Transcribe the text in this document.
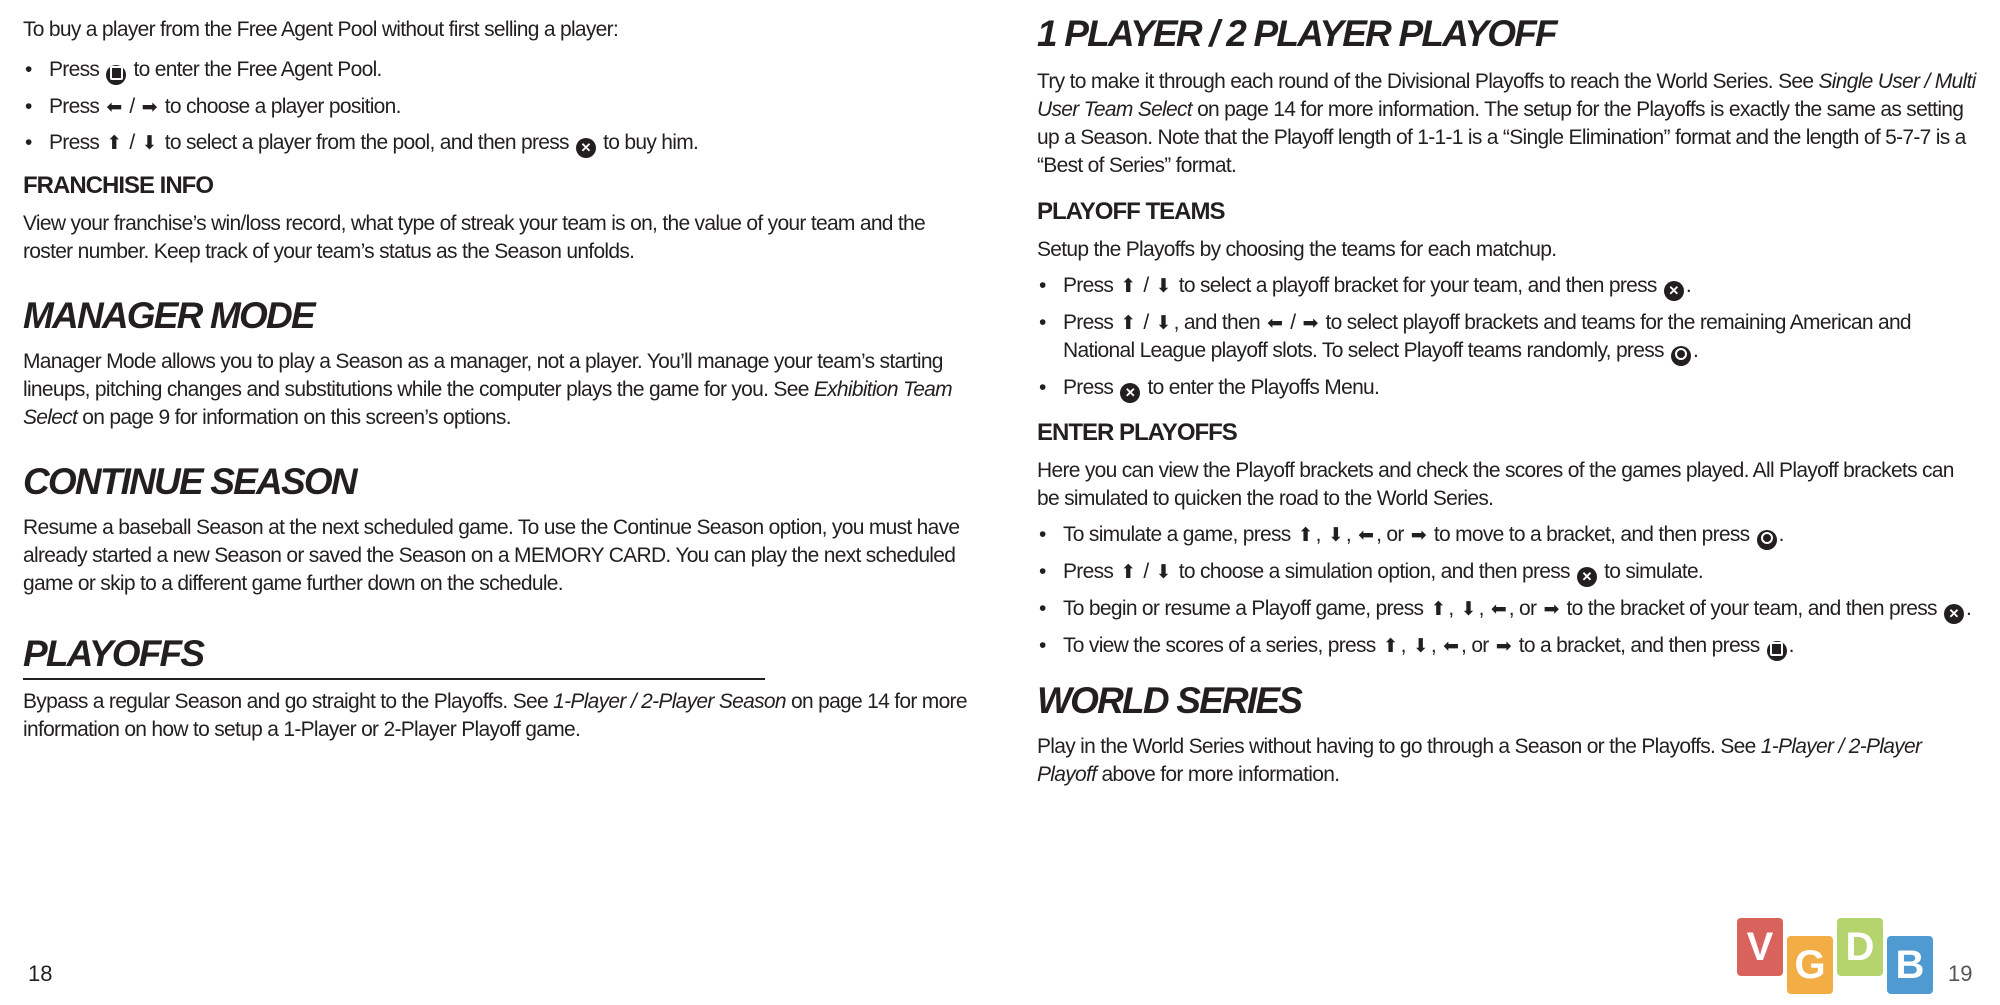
To buy a player from the Free Agent Pool without first selling a player:
• Press  to enter the Free Agent Pool.
• Press ⬅ / ➡ to choose a player position.
• Press ⬆ / ⬇ to select a player from the pool, and then press ✕ to buy him.
FRANCHISE INFO
View your franchise’s win/loss record, what type of streak your team is on, the value of your team and the roster number. Keep track of your team’s status as the Season unfolds.
MANAGER MODE
Manager Mode allows you to play a Season as a manager, not a player. You’ll manage your team’s starting lineups, pitching changes and substitutions while the computer plays the game for you. See Exhibition Team Select on page 9 for information on this screen’s options.
CONTINUE SEASON
Resume a baseball Season at the next scheduled game. To use the Continue Season option, you must have already started a new Season or saved the Season on a MEMORY CARD. You can play the next scheduled game or skip to a different game further down on the schedule.
PLAYOFFS
Bypass a regular Season and go straight to the Playoffs. See 1-Player / 2-Player Season on page 14 for more information on how to setup a 1-Player or 2-Player Playoff game.
18
1 PLAYER / 2 PLAYER PLAYOFF
Try to make it through each round of the Divisional Playoffs to reach the World Series. See Single User / Multi User Team Select on page 14 for more information. The setup for the Playoffs is exactly the same as setting up a Season. Note that the Playoff length of 1-1-1 is a “Single Elimination” format and the length of 5-7-7 is a “Best of Series” format.
PLAYOFF TEAMS
Setup the Playoffs by choosing the teams for each matchup.
• Press ⬆ / ⬇ to select a playoff bracket for your team, and then press ✕ .
• Press ⬆ / ⬇, and then ⬅ / ➡ to select playoff brackets and teams for the remaining American and National League playoff slots. To select Playoff teams randomly, press .
• Press ✕ to enter the Playoffs Menu.
ENTER PLAYOFFS
Here you can view the Playoff brackets and check the scores of the games played. All Playoff brackets can be simulated to quicken the road to the World Series.
• To simulate a game, press ⬆, ⬇, ⬅, or ➡ to move to a bracket, and then press .
• Press ⬆ / ⬇ to choose a simulation option, and then press ✕ to simulate.
• To begin or resume a Playoff game, press ⬆, ⬇, ⬅, or ➡ to the bracket of your team, and then press ✕ .
• To view the scores of a series, press ⬆, ⬇, ⬅, or ➡ to a bracket, and then press .
WORLD SERIES
Play in the World Series without having to go through a Season or the Playoffs. See 1-Player / 2-Player Playoff above for more information.
V G D B	19
